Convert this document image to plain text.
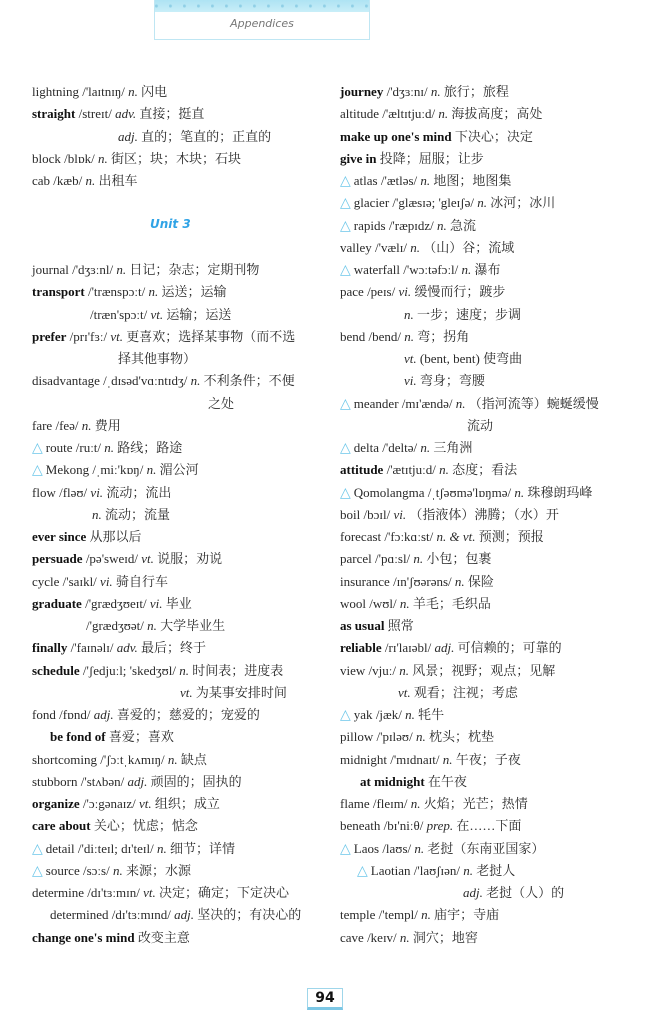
Appendices
Unit 3
lightning /'laɪtnɪŋ/ n. 闪电
straight /streɪt/ adv. 直接；挺直
adj. 直的；笔直的；正直的
block /blɒk/ n. 街区；块；木块；石块
cab /kæb/ n. 出租车
journal /'dʒɜːnl/ n. 日记；杂志；定期刊物
transport /'trænspɔːt/ n. 运送；运输
/træn'spɔːt/ vt. 运输；运送
prefer /prɪ'fɜː/ vt. 更喜欢；选择某事物（而不选
择其他事物）
disadvantage /ˌdɪsəd'vɑːntɪdʒ/ n. 不利条件；不便
之处
fare /feə/ n. 费用
△ route /ruːt/ n. 路线；路途
△ Mekong /ˌmiː'kɒŋ/ n. 湄公河
flow /fləʊ/ vi. 流动；流出
n. 流动；流量
ever since 从那以后
persuade /pə'sweɪd/ vt. 说服；劝说
cycle /'saɪkl/ vi. 骑自行车
graduate /'grædʒʊeɪt/ vi. 毕业
/'grædʒʊət/ n. 大学毕业生
finally /'faɪnəlɪ/ adv. 最后；终于
schedule /'ʃedjuːl; 'skedʒʊl/ n. 时间表；进度表
vt. 为某事安排时间
fond /fɒnd/ adj. 喜爱的；慈爱的；宠爱的
be fond of 喜爱；喜欢
shortcoming /'ʃɔːtˌkʌmɪŋ/ n. 缺点
stubborn /'stʌbən/ adj. 顽固的；固执的
organize /'ɔːgənaɪz/ vt. 组织；成立
care about 关心；忧虑；惦念
△ detail /'diːteɪl; dɪ'teɪl/ n. 细节；详情
△ source /sɔːs/ n. 来源；水源
determine /dɪ'tɜːmɪn/ vt. 决定；确定；下定决心
determined /dɪ'tɜːmɪnd/ adj. 坚决的；有决心的
change one's mind 改变主意
journey /'dʒɜːnɪ/ n. 旅行；旅程
altitude /'æltɪtjuːd/ n. 海拔高度；高处
make up one's mind 下决心；决定
give in 投降；屈服；让步
△ atlas /'ætləs/ n. 地图；地图集
△ glacier /'glæsɪə; 'gleɪʃə/ n. 冰河；冰川
△ rapids /'ræpɪdz/ n. 急流
valley /'vælɪ/ n. （山）谷；流域
△ waterfall /'wɔːtəfɔːl/ n. 瀑布
pace /peɪs/ vi. 缓慢而行；踱步
n. 一步；速度；步调
bend /bend/ n. 弯；拐角
vt. (bent, bent) 使弯曲
vi. 弯身；弯腰
△ meander /mɪ'ændə/ n. （指河流等）蜿蜒缓慢
流动
△ delta /'deltə/ n. 三角洲
attitude /'ætɪtjuːd/ n. 态度；看法
△ Qomolangma /ˌtʃəʊmə'lɒŋmə/ n. 珠穆朗玛峰
boil /bɔɪl/ vi. （指液体）沸腾；（水）开
forecast /'fɔːkɑːst/ n. & vt. 预测；预报
parcel /'pɑːsl/ n. 小包；包裹
insurance /ɪn'ʃʊərəns/ n. 保险
wool /wʊl/ n. 羊毛；毛织品
as usual 照常
reliable /rɪ'laɪəbl/ adj. 可信赖的；可靠的
view /vjuː/ n. 风景；视野；观点；见解
vt. 观看；注视；考虑
△ yak /jæk/ n. 牦牛
pillow /'pɪləʊ/ n. 枕头；枕垫
midnight /'mɪdnaɪt/ n. 午夜；子夜
at midnight 在午夜
flame /fleɪm/ n. 火焰；光芒；热情
beneath /bɪ'niːθ/ prep. 在……下面
△ Laos /laʊs/ n. 老挝（东南亚国家）
△ Laotian /'laʊʃɪən/ n. 老挝人
adj. 老挝（人）的
temple /'templ/ n. 庙宇；寺庙
cave /keɪv/ n. 洞穴；地窖
94
